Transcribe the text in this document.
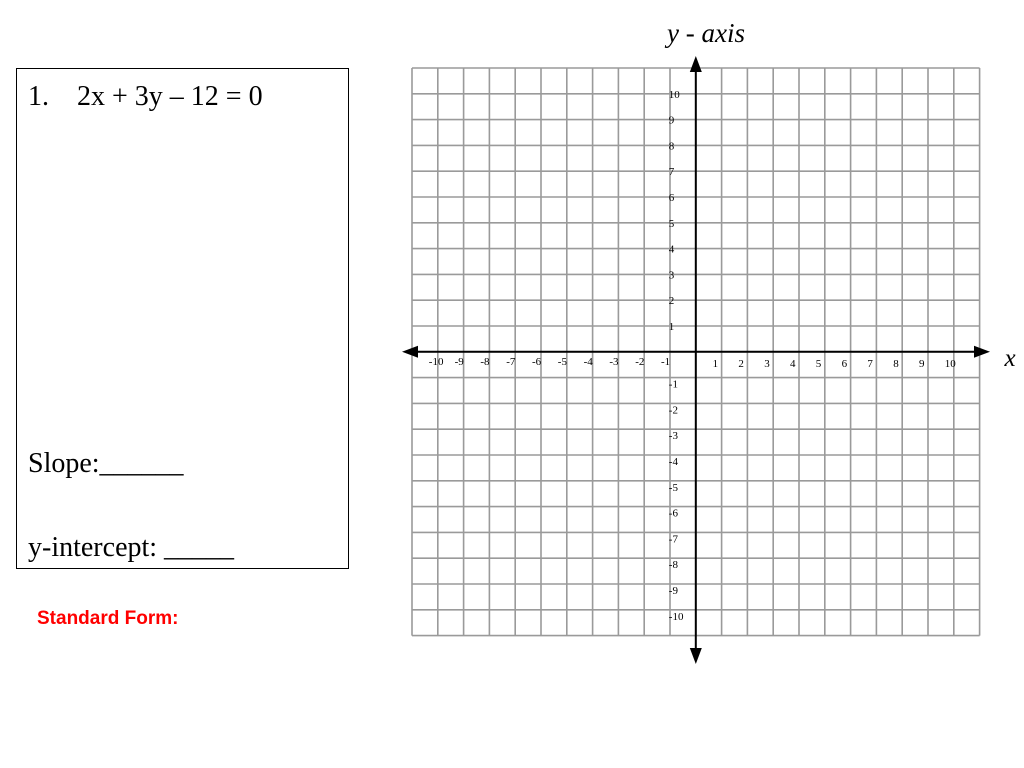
1.    2x + 3y – 12 = 0
Slope:______
y-intercept: _____
Standard Form:
-10 -9 -8 -7 -6 -5 -4 -3 -2 -1	1 2 3 4 5 6 7 8 9 10
10
9
8
7
6
5
4
3
2
1
-1
-2
-3
-4
-5
-6
-7
-8
-9
-10
y - axis
x
